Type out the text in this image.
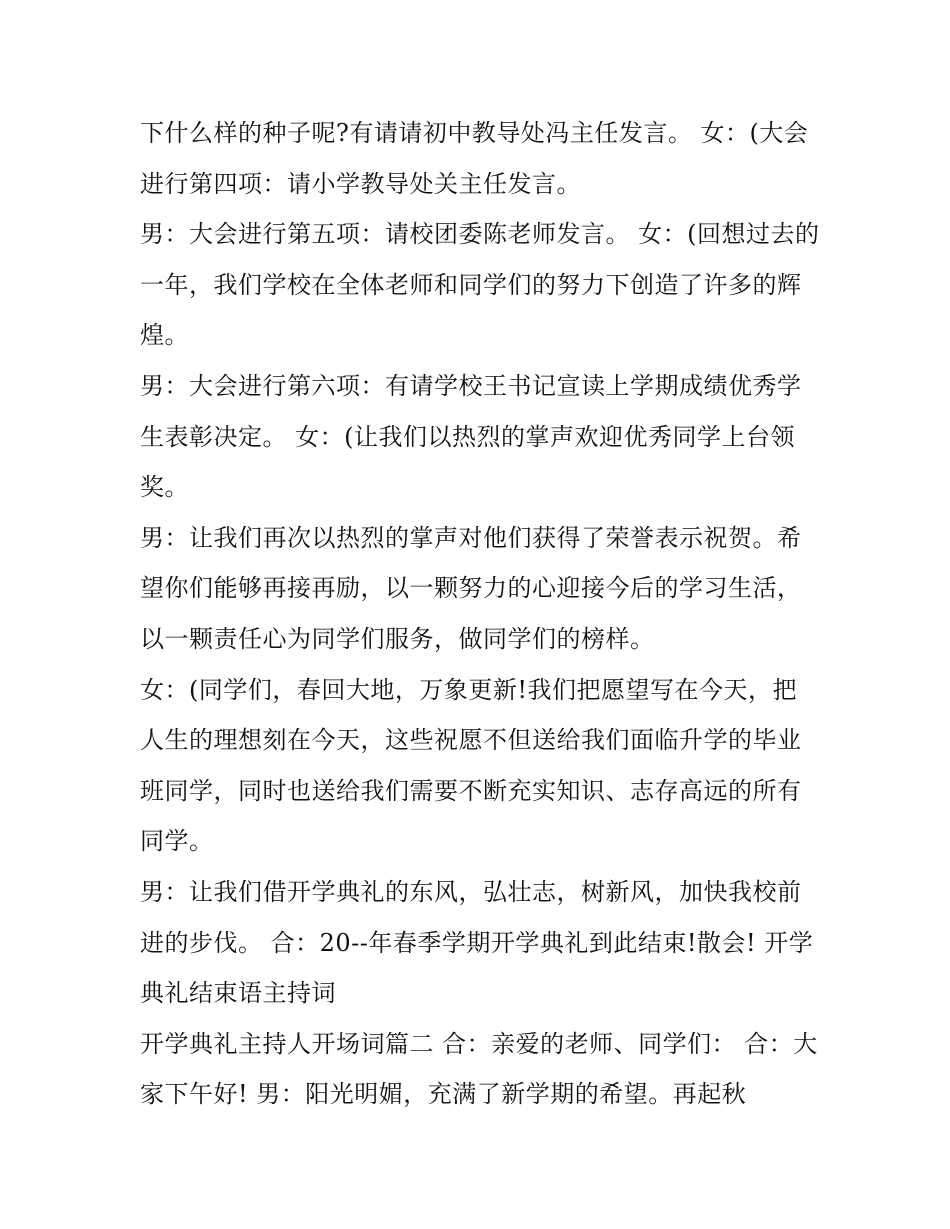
下什么样的种子呢?有请请初中教导处冯主任发言。 女：(大会进行第四项：请小学教导处关主任发言。

男：大会进行第五项：请校团委陈老师发言。 女：(回想过去的一年，我们学校在全体老师和同学们的努力下创造了许多的辉煌。

男：大会进行第六项：有请学校王书记宣读上学期成绩优秀学生表彰决定。 女：(让我们以热烈的掌声欢迎优秀同学上台领奖。

男：让我们再次以热烈的掌声对他们获得了荣誉表示祝贺。希望你们能够再接再励，以一颗努力的心迎接今后的学习生活，以一颗责任心为同学们服务，做同学们的榜样。

女：(同学们，春回大地，万象更新!我们把愿望写在今天，把人生的理想刻在今天，这些祝愿不但送给我们面临升学的毕业班同学，同时也送给我们需要不断充实知识、志存高远的所有同学。

男：让我们借开学典礼的东风，弘壮志，树新风，加快我校前进的步伐。 合：20--年春季学期开学典礼到此结束!散会! 开学典礼结束语主持词

开学典礼主持人开场词篇二 合：亲爱的老师、同学们： 合：大家下午好! 男：阳光明媚，充满了新学期的希望。再起秋
